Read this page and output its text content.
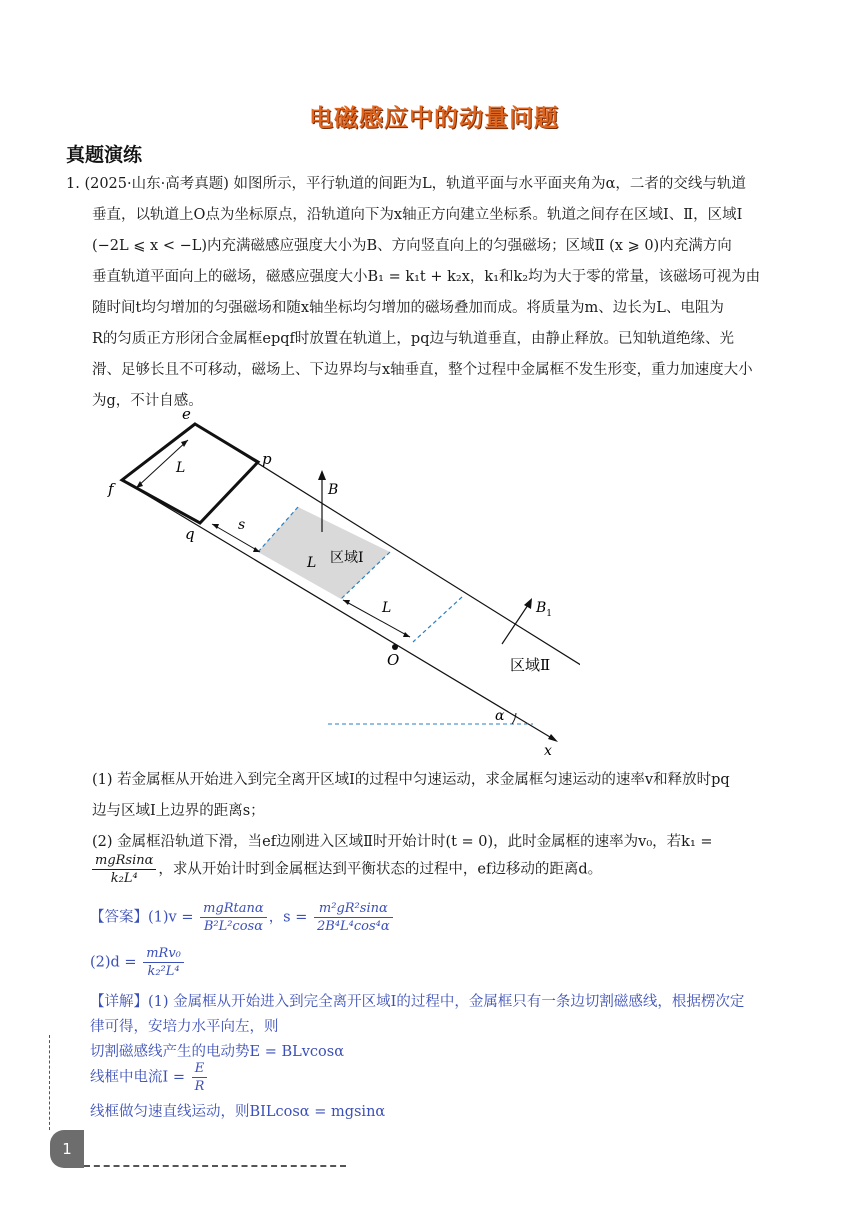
电磁感应中的动量问题
真题演练
1. (2025·山东·高考真题) 如图所示，平行轨道的间距为L，轨道平面与水平面夹角为α，二者的交线与轨道
垂直，以轨道上O点为坐标原点，沿轨道向下为x轴正方向建立坐标系。轨道之间存在区域Ⅰ、Ⅱ，区域Ⅰ
(−2L ⩽ x < −L)内充满磁感应强度大小为B、方向竖直向上的匀强磁场；区域Ⅱ (x ⩾ 0)内充满方向
垂直轨道平面向上的磁场，磁感应强度大小B₁ = k₁t + k₂x，k₁和k₂均为大于零的常量，该磁场可视为由
随时间t均匀增加的匀强磁场和随x轴坐标均匀增加的磁场叠加而成。将质量为m、边长为L、电阻为
R的匀质正方形闭合金属框epqf时放置在轨道上，pq边与轨道垂直，由静止释放。已知轨道绝缘、光
滑、足够长且不可移动，磁场上、下边界均与x轴垂直，整个过程中金属框不发生形变，重力加速度大小
为g，不计自感。
e
f
p
q
L
s
L 区域Ⅰ
L
B
$B_1$
区域Ⅱ
O
α
x
(1) 若金属框从开始进入到完全离开区域Ⅰ的过程中匀速运动，求金属框匀速运动的速率v和释放时pq
边与区域Ⅰ上边界的距离s；
(2) 金属框沿轨道下滑，当ef边刚进入区域Ⅱ时开始计时(t = 0)，此时金属框的速率为v₀，若k₁ =
$\frac{\text{mgRsinα}}{\text{k₂L⁴}}$ ，求从开始计时到金属框达到平衡状态的过程中，ef边移动的距离d。
【答案】$(1)v = \frac{\text{mgRtanα}}{\text{B²L²cosα}}$ ，$s = \frac{\text{m²gR²sinα}}{\text{2B⁴L⁴cos⁴α}}$
$(2)d = \frac{\text{mRv₀}}{\text{k₂²L⁴}}$
【详解】(1) 金属框从开始进入到完全离开区域Ⅰ的过程中，金属框只有一条边切割磁感线，根据楞次定
律可得，安培力水平向左，则
切割磁感线产生的电动势E = BLvcosα
线框中电流$I = \frac{E}{R}$
线框做匀速直线运动，则BILcosα = mgsinα
1
